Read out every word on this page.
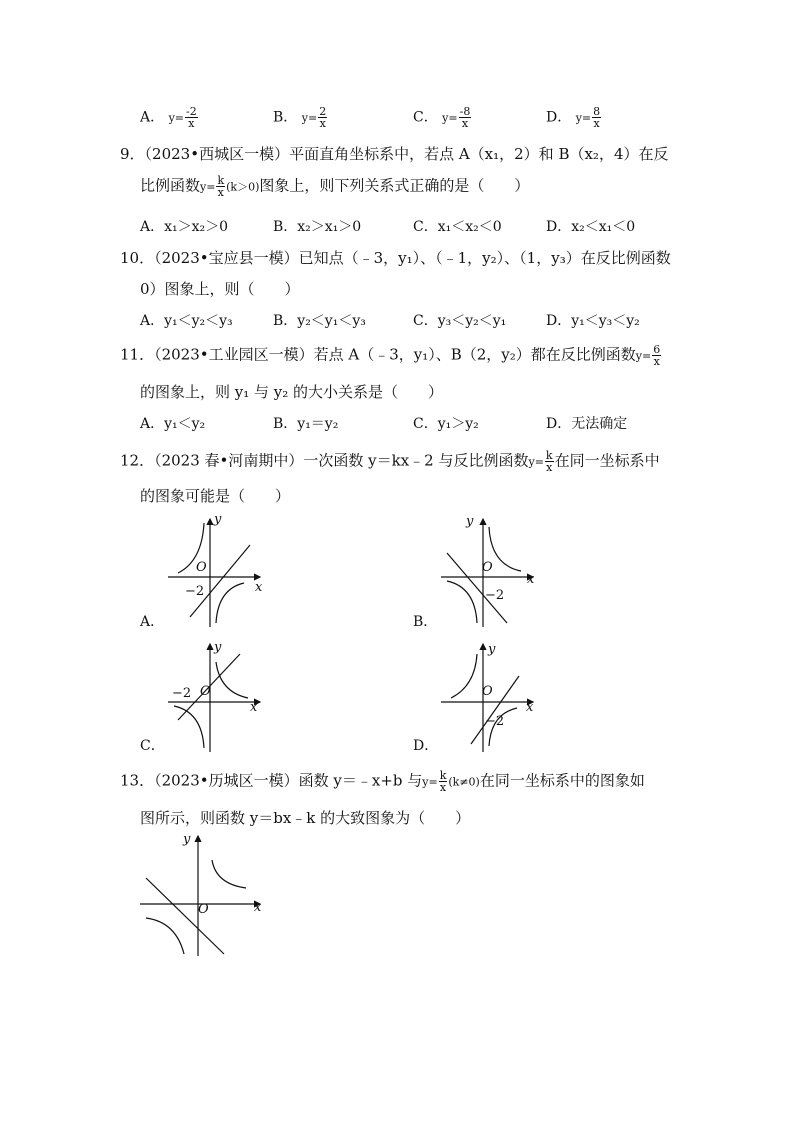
A． $y= \frac{-2}{x}$	B． $y= \frac{2}{x}$	C． $y= \frac{-8}{x}$	D． $y= \frac{8}{x}$
9．（2023•西城区一模）平面直角坐标系中，若点 A（x₁，2）和 B（x₂，4）在反
比例函数$y= \frac{k}{x} (k>0)$图象上，则下列关系式正确的是（　　）
A．x₁＞x₂＞0	B．x₂＞x₁＞0	C．x₁＜x₂＜0	D．x₂＜x₁＜0
10．（2023•宝应县一模）已知点（﹣3，y₁）、（﹣1，y₂）、（1，y₃）在反比例函数
0）图象上，则（　　）
A．y₁＜y₂＜y₃	B．y₂＜y₁＜y₃	C．y₃＜y₂＜y₁	D．y₁＜y₃＜y₂
11．（2023•工业园区一模）若点 A（﹣3，y₁）、B（2，y₂）都在反比例函数$y= \frac{6}{x}$
的图象上，则 y₁ 与 y₂ 的大小关系是（　　）
A．y₁＜y₂	B．y₁＝y₂	C．y₁＞y₂	D．无法确定
12．（2023 春•河南期中）一次函数 y＝kx﹣2 与反比例函数$y= \frac{k}{x}$ 在同一坐标系中
的图象可能是（　　）
y
x
O
−2
A．
y
x
O
−2
B．
y
x
O
−2
C．
y
x
O
−2
D．
13．（2023•历城区一模）函数 y＝﹣x+b 与$y= \frac{k}{x} (k\ne 0)$在同一坐标系中的图象如
图所示，则函数 y＝bx﹣k 的大致图象为（　　）
y
x
O
